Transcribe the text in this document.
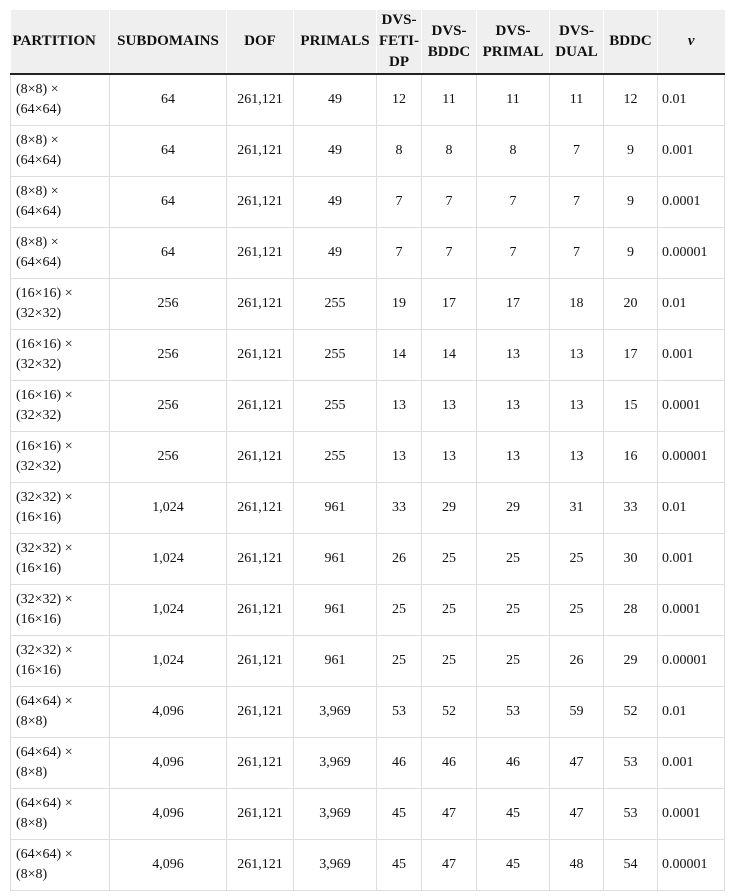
PARTITION	SUBDOMAINS	DOF	PRIMALS	DVS-FETI-DP	DVS-BDDC	DVS-PRIMAL	DVS-DUAL	BDDC	ν
(8×8) × (64×64)	64	261,121	49	12	11	11	11	12	0.01
(8×8) × (64×64)	64	261,121	49	8	8	8	7	9	0.001
(8×8) × (64×64)	64	261,121	49	7	7	7	7	9	0.0001
(8×8) × (64×64)	64	261,121	49	7	7	7	7	9	0.00001
(16×16) × (32×32)	256	261,121	255	19	17	17	18	20	0.01
(16×16) × (32×32)	256	261,121	255	14	14	13	13	17	0.001
(16×16) × (32×32)	256	261,121	255	13	13	13	13	15	0.0001
(16×16) × (32×32)	256	261,121	255	13	13	13	13	16	0.00001
(32×32) × (16×16)	1,024	261,121	961	33	29	29	31	33	0.01
(32×32) × (16×16)	1,024	261,121	961	26	25	25	25	30	0.001
(32×32) × (16×16)	1,024	261,121	961	25	25	25	25	28	0.0001
(32×32) × (16×16)	1,024	261,121	961	25	25	25	26	29	0.00001
(64×64) × (8×8)	4,096	261,121	3,969	53	52	53	59	52	0.01
(64×64) × (8×8)	4,096	261,121	3,969	46	46	46	47	53	0.001
(64×64) × (8×8)	4,096	261,121	3,969	45	47	45	47	53	0.0001
(64×64) × (8×8)	4,096	261,121	3,969	45	47	45	48	54	0.00001
